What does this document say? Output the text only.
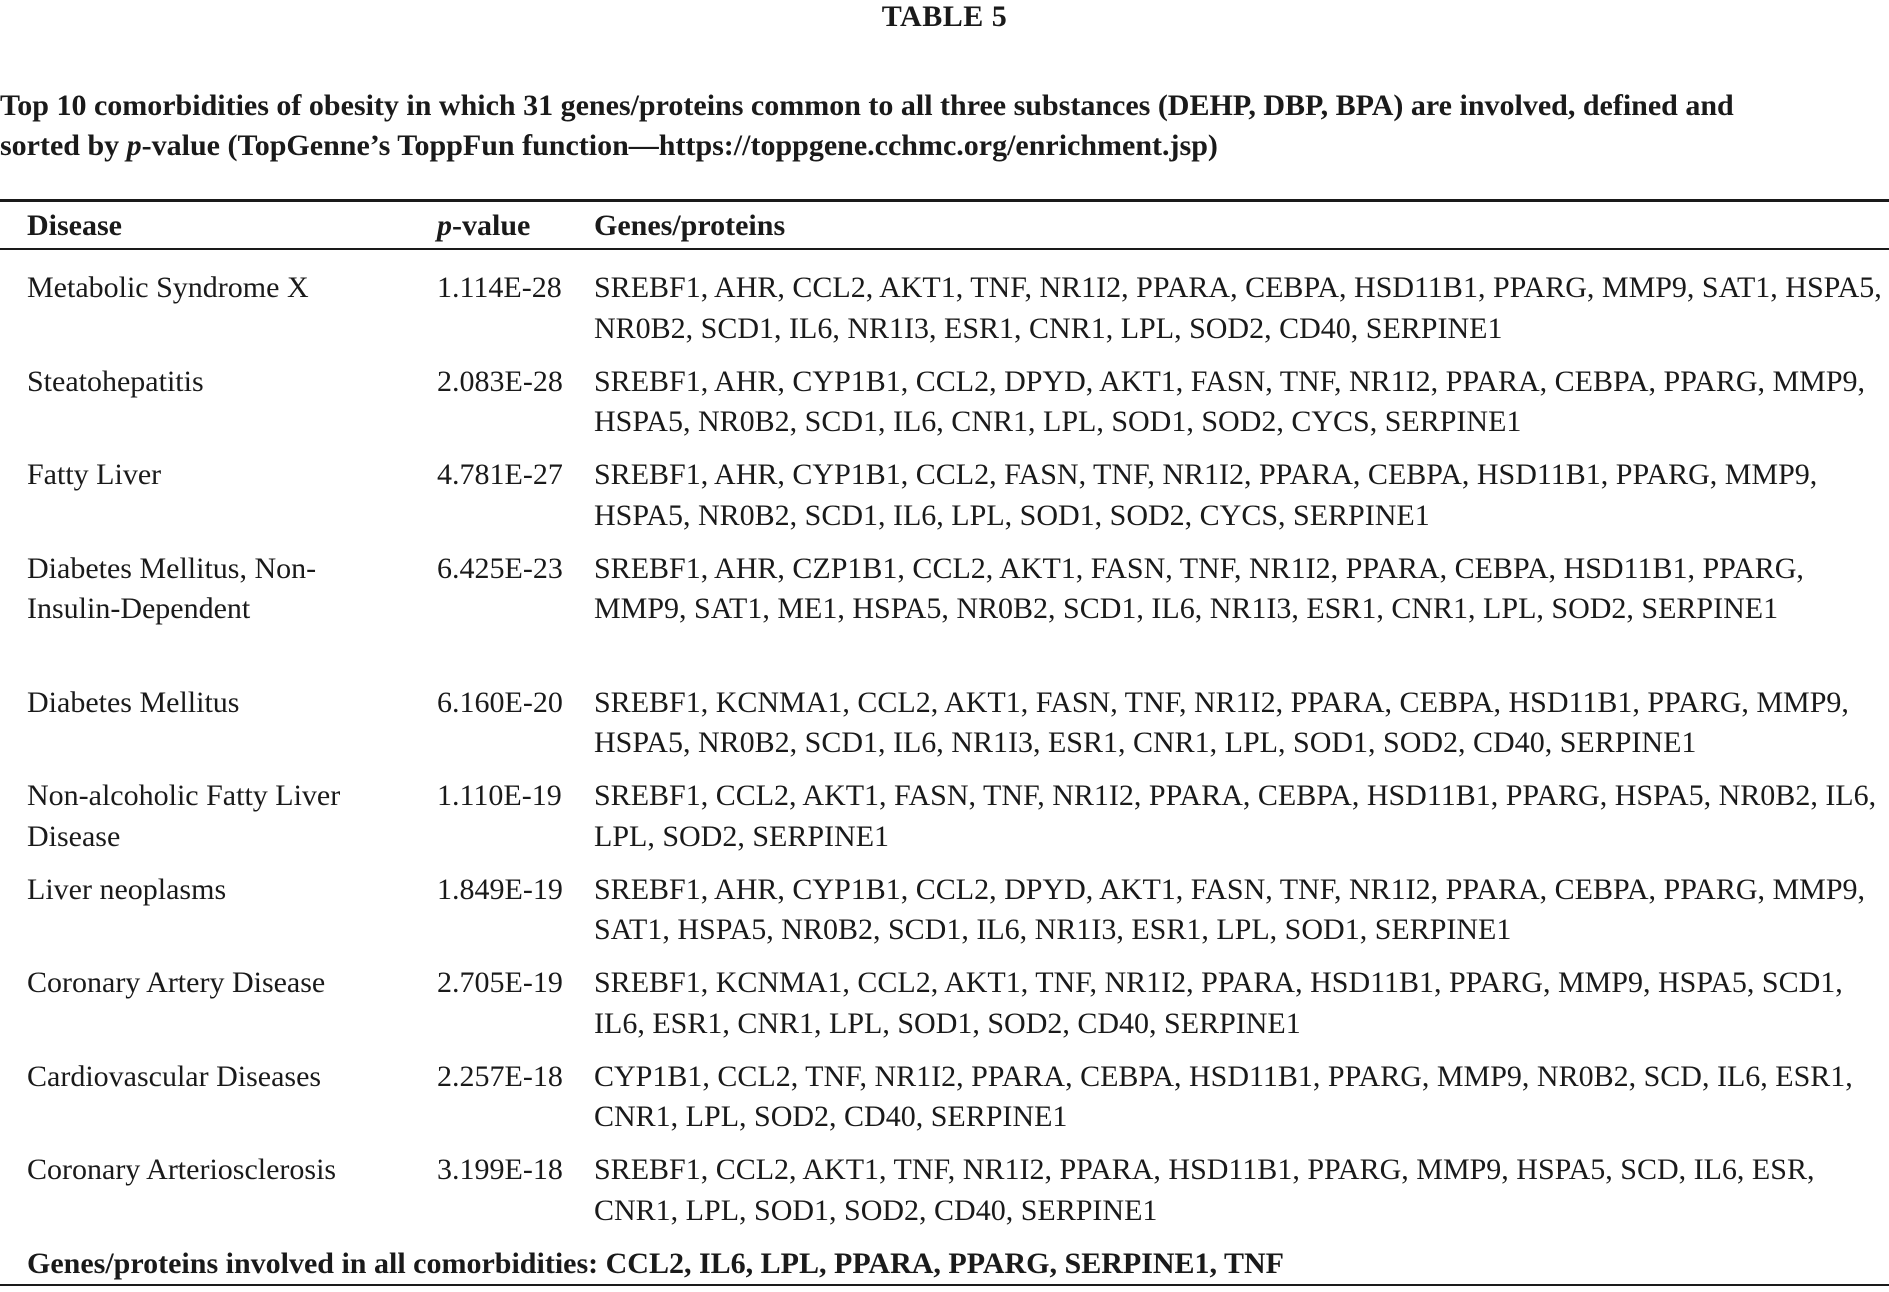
TABLE 5
Top 10 comorbidities of obesity in which 31 genes/proteins common to all three substances (DEHP, DBP, BPA) are involved, defined and
sorted by p-value (TopGenne’s ToppFun function—https://toppgene.cchmc.org/enrichment.jsp)
Disease	p-value Genes/proteins
Metabolic Syndrome X	1.114E-28 SREBF1, AHR, CCL2, AKT1, TNF, NR1I2, PPARA, CEBPA, HSD11B1, PPARG, MMP9, SAT1, HSPA5, NR0B2, SCD1, IL6, NR1I3, ESR1, CNR1, LPL, SOD2, CD40, SERPINE1
Steatohepatitis	2.083E-28 SREBF1, AHR, CYP1B1, CCL2, DPYD, AKT1, FASN, TNF, NR1I2, PPARA, CEBPA, PPARG, MMP9, HSPA5, NR0B2, SCD1, IL6, CNR1, LPL, SOD1, SOD2, CYCS, SERPINE1
Fatty Liver	4.781E-27 SREBF1, AHR, CYP1B1, CCL2, FASN, TNF, NR1I2, PPARA, CEBPA, HSD11B1, PPARG, MMP9, HSPA5, NR0B2, SCD1, IL6, LPL, SOD1, SOD2, CYCS, SERPINE1
Diabetes Mellitus, Non-Insulin-Dependent
6.425E-23 SREBF1, AHR, CZP1B1, CCL2, AKT1, FASN, TNF, NR1I2, PPARA, CEBPA, HSD11B1, PPARG, MMP9, SAT1, ME1, HSPA5, NR0B2, SCD1, IL6, NR1I3, ESR1, CNR1, LPL, SOD2, SERPINE1
Diabetes Mellitus	6.160E-20 SREBF1, KCNMA1, CCL2, AKT1, FASN, TNF, NR1I2, PPARA, CEBPA, HSD11B1, PPARG, MMP9, HSPA5, NR0B2, SCD1, IL6, NR1I3, ESR1, CNR1, LPL, SOD1, SOD2, CD40, SERPINE1
Non-alcoholic Fatty Liver Disease
1.110E-19 SREBF1, CCL2, AKT1, FASN, TNF, NR1I2, PPARA, CEBPA, HSD11B1, PPARG, HSPA5, NR0B2, IL6, LPL, SOD2, SERPINE1
Liver neoplasms	1.849E-19 SREBF1, AHR, CYP1B1, CCL2, DPYD, AKT1, FASN, TNF, NR1I2, PPARA, CEBPA, PPARG, MMP9, SAT1, HSPA5, NR0B2, SCD1, IL6, NR1I3, ESR1, LPL, SOD1, SERPINE1
Coronary Artery Disease	2.705E-19 SREBF1, KCNMA1, CCL2, AKT1, TNF, NR1I2, PPARA, HSD11B1, PPARG, MMP9, HSPA5, SCD1, IL6, ESR1, CNR1, LPL, SOD1, SOD2, CD40, SERPINE1
Cardiovascular Diseases	2.257E-18 CYP1B1, CCL2, TNF, NR1I2, PPARA, CEBPA, HSD11B1, PPARG, MMP9, NR0B2, SCD, IL6, ESR1, CNR1, LPL, SOD2, CD40, SERPINE1
Coronary Arteriosclerosis	3.199E-18 SREBF1, CCL2, AKT1, TNF, NR1I2, PPARA, HSD11B1, PPARG, MMP9, HSPA5, SCD, IL6, ESR, CNR1, LPL, SOD1, SOD2, CD40, SERPINE1
Genes/proteins involved in all comorbidities: CCL2, IL6, LPL, PPARA, PPARG, SERPINE1, TNF
